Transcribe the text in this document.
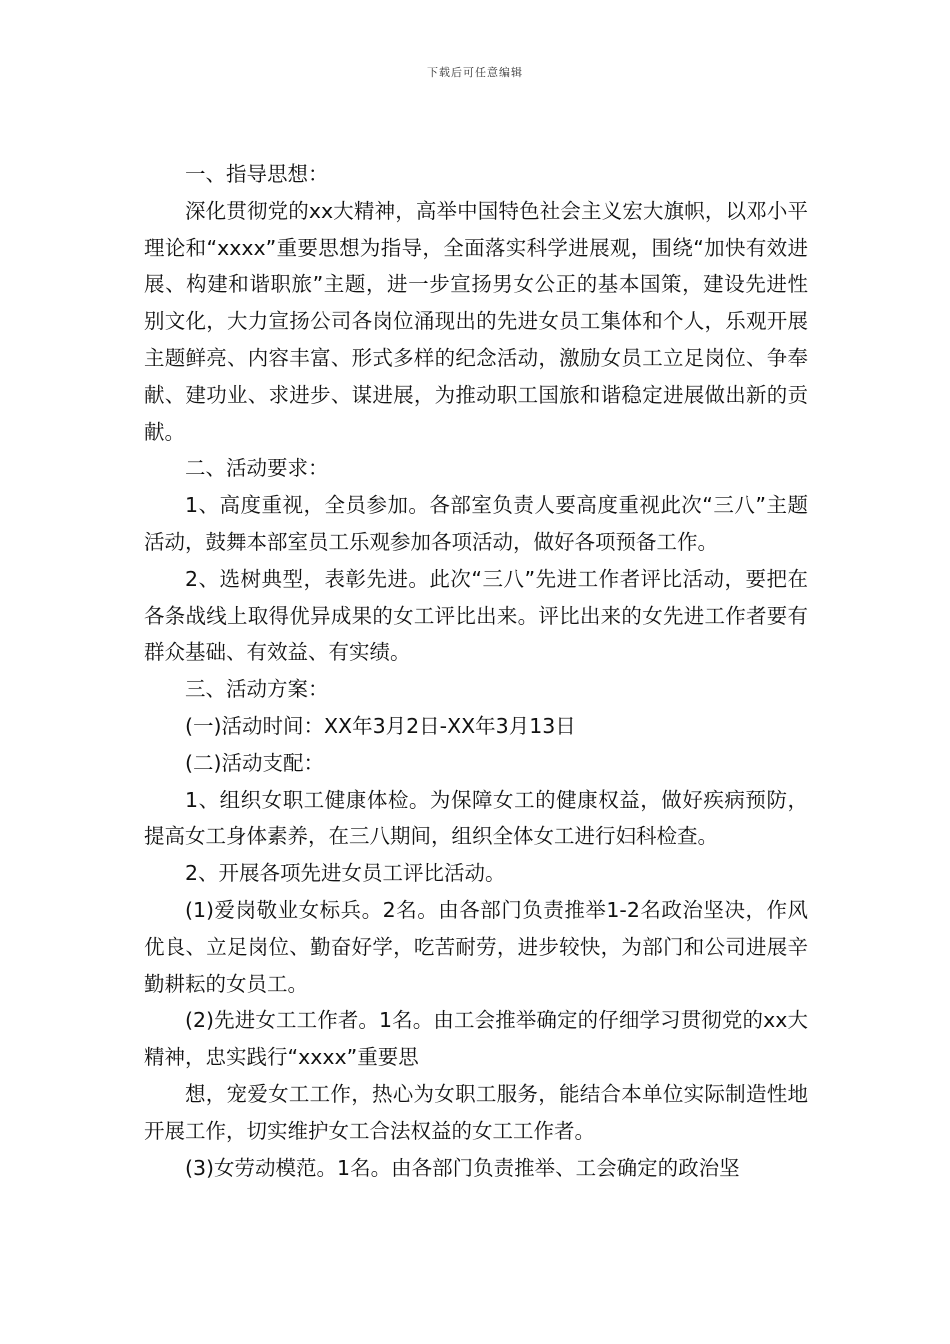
下载后可任意编辑

一、指导思想：

深化贯彻党的xx大精神，高举中国特色社会主义宏大旗帜，以邓小平理论和“xxxx”重要思想为指导，全面落实科学进展观，围绕“加快有效进展、构建和谐职旅”主题，进一步宣扬男女公正的基本国策，建设先进性别文化，大力宣扬公司各岗位涌现出的先进女员工集体和个人，乐观开展主题鲜亮、内容丰富、形式多样的纪念活动，激励女员工立足岗位、争奉献、建功业、求进步、谋进展，为推动职工国旅和谐稳定进展做出新的贡献。

二、活动要求：

1、高度重视，全员参加。各部室负责人要高度重视此次“三八”主题活动，鼓舞本部室员工乐观参加各项活动，做好各项预备工作。

2、选树典型，表彰先进。此次“三八”先进工作者评比活动，要把在各条战线上取得优异成果的女工评比出来。评比出来的女先进工作者要有群众基础、有效益、有实绩。

三、活动方案：

(一)活动时间：XX年3月2日-XX年3月13日

(二)活动支配：

1、组织女职工健康体检。为保障女工的健康权益，做好疾病预防，提高女工身体素养，在三八期间，组织全体女工进行妇科检查。

2、开展各项先进女员工评比活动。

(1)爱岗敬业女标兵。2名。由各部门负责推举1-2名政治坚决，作风优良、立足岗位、勤奋好学，吃苦耐劳，进步较快，为部门和公司进展辛勤耕耘的女员工。

(2)先进女工工作者。1名。由工会推举确定的仔细学习贯彻党的xx大精神，忠实践行“xxxx”重要思

想，宠爱女工工作，热心为女职工服务，能结合本单位实际制造性地开展工作，切实维护女工合法权益的女工工作者。

(3)女劳动模范。1名。由各部门负责推举、工会确定的政治坚
